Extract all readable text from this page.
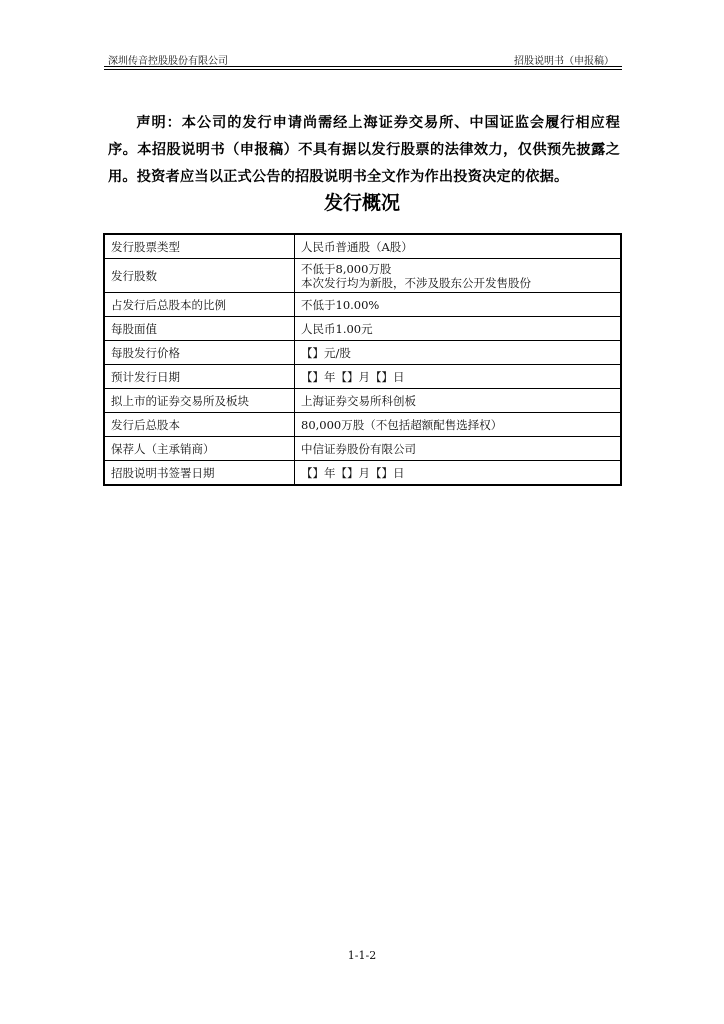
深圳传音控股股份有限公司	招股说明书（申报稿）

声明：本公司的发行申请尚需经上海证券交易所、中国证监会履行相应程序。本招股说明书（申报稿）不具有据以发行股票的法律效力，仅供预先披露之用。投资者应当以正式公告的招股说明书全文作为作出投资决定的依据。

发行概况
发行股票类型	人民币普通股（A股）

发行股数	不低于8,000万股
本次发行均为新股，不涉及股东公开发售股份

占发行后总股本的比例	不低于10.00%

每股面值	人民币1.00元

每股发行价格	【】元/股

预计发行日期	【】年【】月【】日

拟上市的证券交易所及板块	上海证券交易所科创板

发行后总股本	80,000万股（不包括超额配售选择权）

保荐人（主承销商）	中信证券股份有限公司

招股说明书签署日期	【】年【】月【】日
1-1-2
